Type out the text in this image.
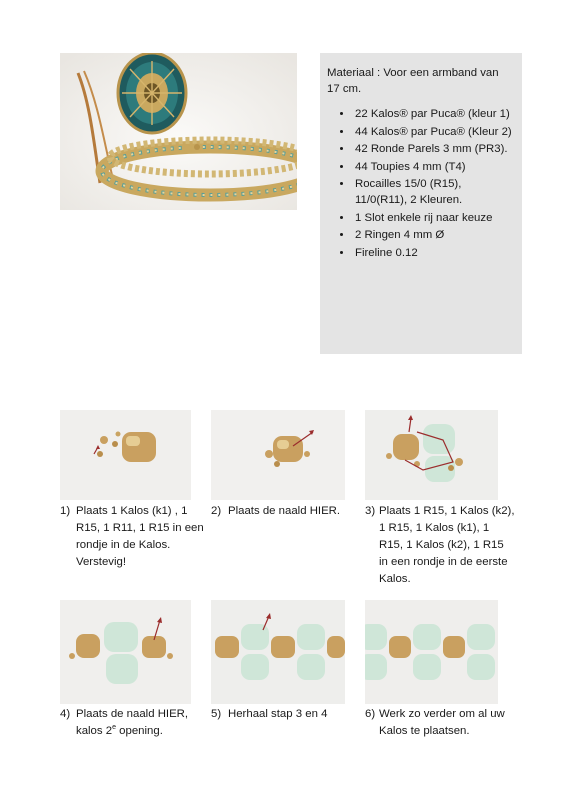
Materiaal : Voor een armband van 17 cm.

• 22 Kalos® par Puca® (kleur 1)
• 44 Kalos® par Puca® (Kleur 2)
• 42 Ronde Parels 3 mm (PR3).
• 44 Toupies 4 mm (T4)
• Rocailles 15/0 (R15), 11/0(R11), 2 Kleuren.
• 1 Slot enkele rij naar keuze
• 2 Ringen 4 mm Ø
• Fireline 0.12
1) Plaats 1 Kalos (k1) , 1 R15, 1 R11, 1 R15 in een rondje in de Kalos. Verstevig!
2) Plaats de naald HIER.	3) Plaats 1 R15, 1 Kalos (k2), 1 R15, 1 Kalos (k1), 1 R15, 1 Kalos (k2), 1 R15 in een rondje in de eerste Kalos.
4) Plaats de naald HIER, kalos 2e opening.
5) Herhaal stap 3 en 4	6) Werk zo verder om al uw Kalos te plaatsen.
